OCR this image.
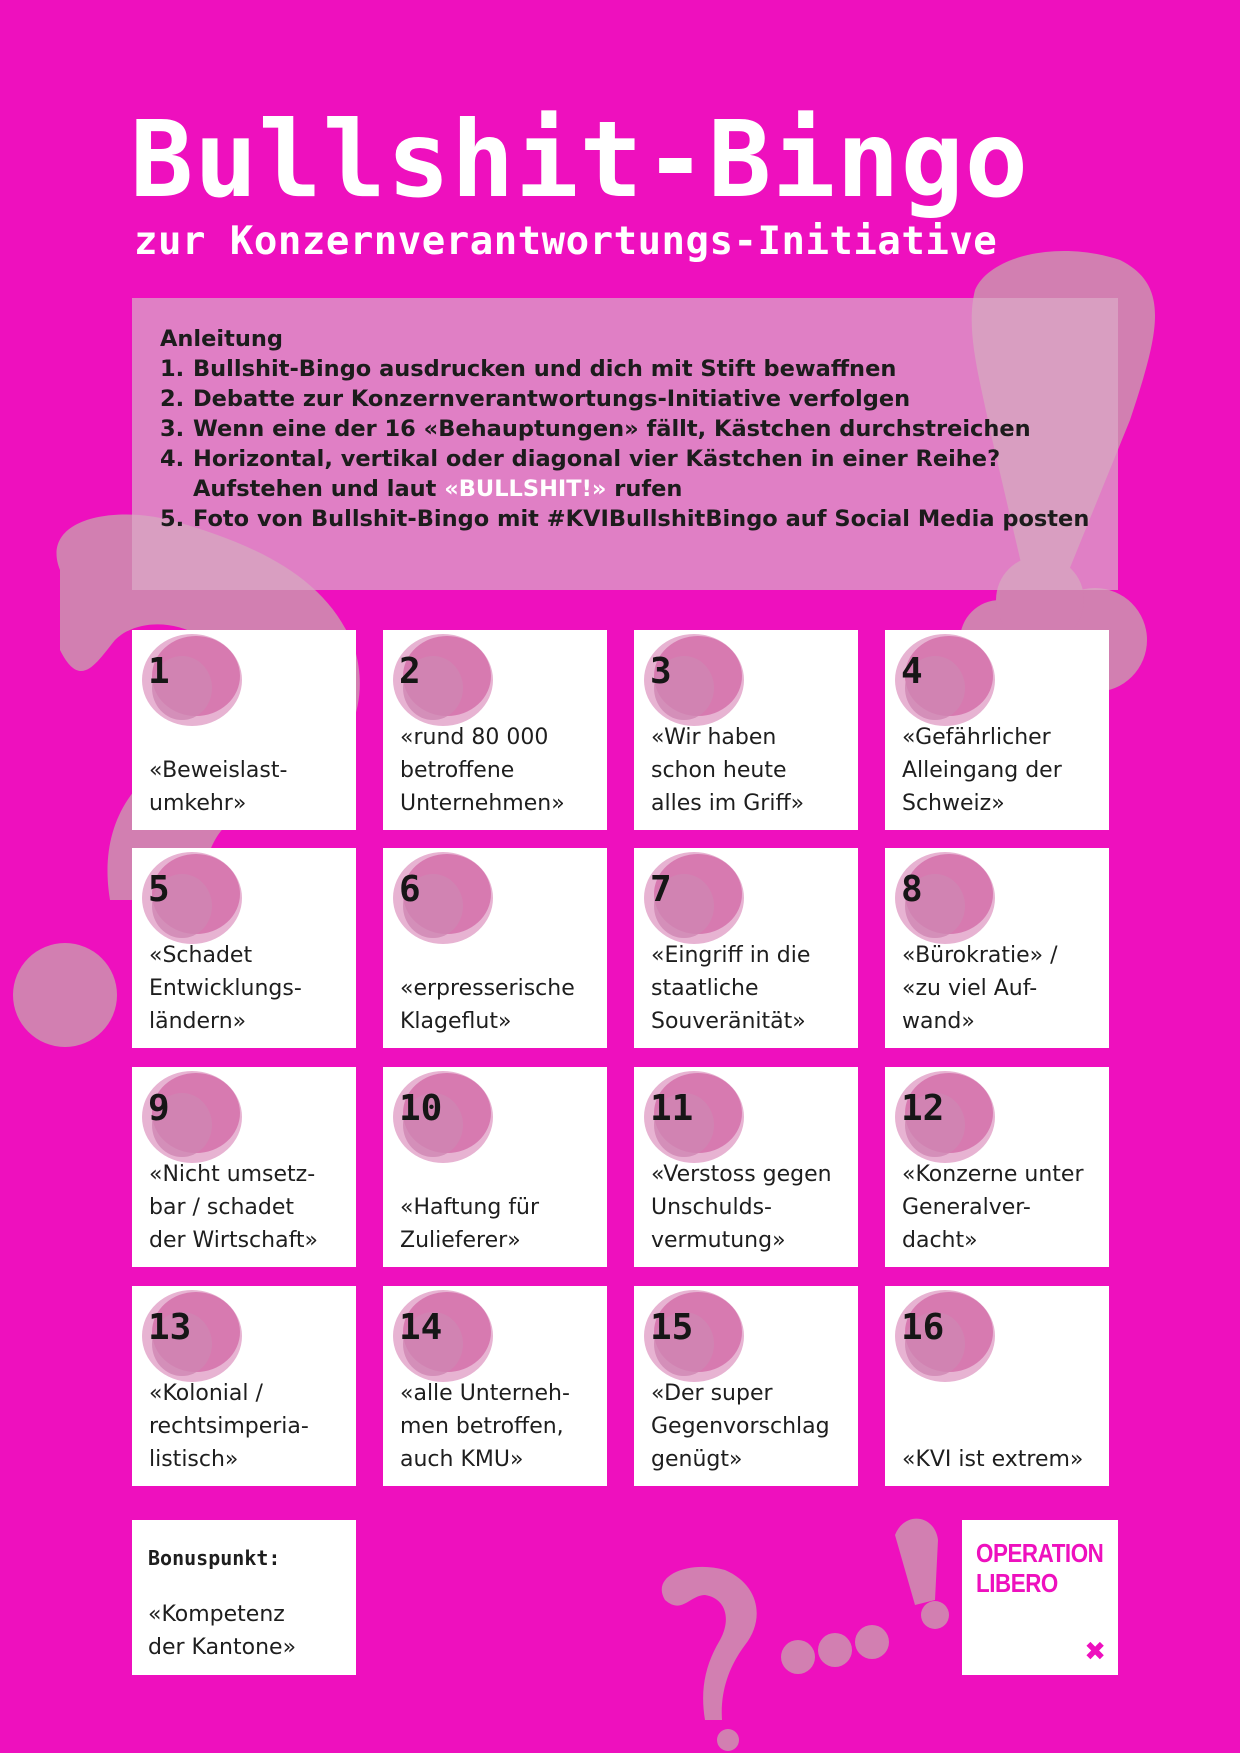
Bullshit-Bingo
zur Konzernverantwortungs-Initiative
Anleitung
1. Bullshit-Bingo ausdrucken und dich mit Stift bewaffnen
2. Debatte zur Konzernverantwortungs-Initiative verfolgen
3. Wenn eine der 16 «Behauptungen» fällt, Kästchen durchstreichen
4. Horizontal, vertikal oder diagonal vier Kästchen in einer Reihe?
Aufstehen und laut «BULLSHIT!» rufen
5. Foto von Bullshit-Bingo mit #KVIBullshitBingo auf Social Media posten
1
«Beweislast-
umkehr»
2
«rund 80 000
betroffene
Unternehmen»
3
«Wir haben
schon heute
alles im Griff»
4
«Gefährlicher
Alleingang der
Schweiz»
5
«Schadet
Entwicklungs-
ländern»
6
«erpresserische
Klageflut»
7
«Eingriff in die
staatliche
Souveränität»
8
«Bürokratie» /
«zu viel Auf-
wand»
9
«Nicht umsetz-
bar / schadet
der Wirtschaft»
10
«Haftung für
Zulieferer»
11
«Verstoss gegen
Unschulds-
vermutung»
12
«Konzerne unter
Generalver-
dacht»
13
«Kolonial /
rechtsimperia-
listisch»
14
«alle Unterneh-
men betroffen,
auch KMU»
15
«Der super
Gegenvorschlag
genügt»
16
«KVI ist extrem»
Bonuspunkt:
«Kompetenz
der Kantone»
OPERATION
LIBERO
✖
